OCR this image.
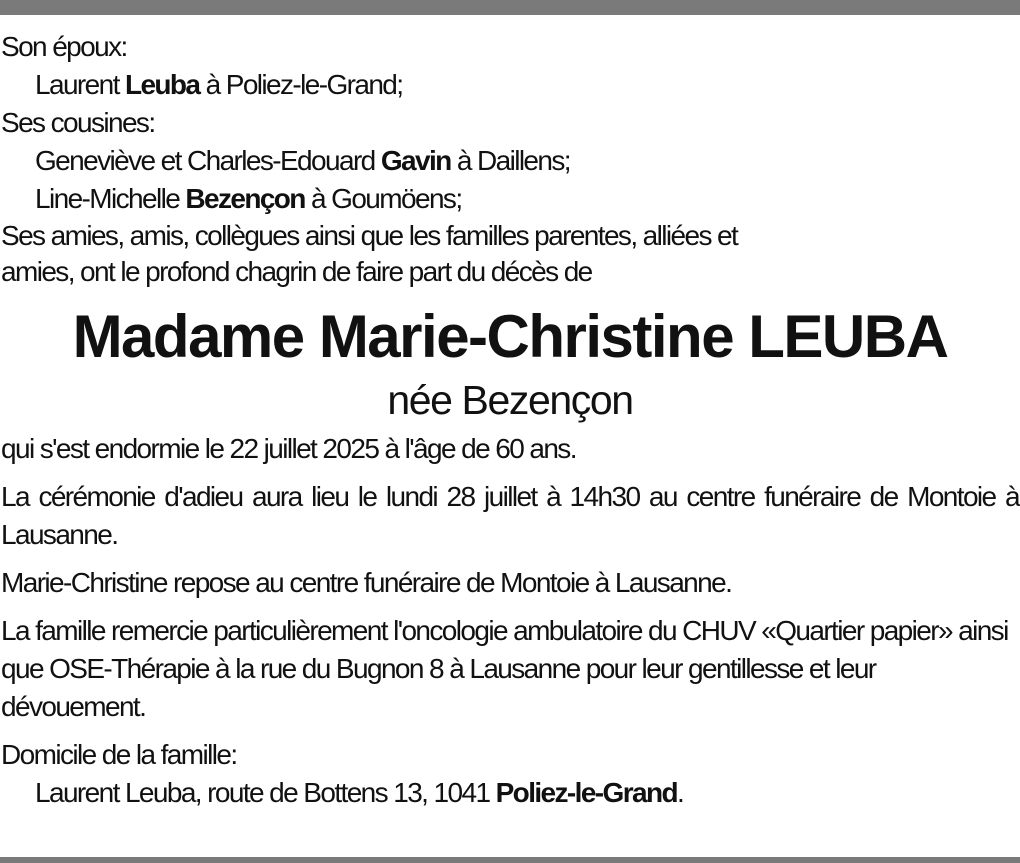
Son époux:
Laurent Leuba à Poliez-le-Grand;
Ses cousines:
Geneviève et Charles-Edouard Gavin à Daillens;
Line-Michelle Bezençon à Goumöens;
Ses amies, amis, collègues ainsi que les familles parentes, alliées et
amies, ont le profond chagrin de faire part du décès de
Madame Marie-Christine LEUBA
née Bezençon
qui s'est endormie le 22 juillet 2025 à l'âge de 60 ans.
La cérémonie d'adieu aura lieu le lundi 28 juillet à 14h30 au centre funéraire de Montoie à Lausanne.
Marie-Christine repose au centre funéraire de Montoie à Lausanne.
La famille remercie particulièrement l'oncologie ambulatoire du CHUV «Quartier papier» ainsi que OSE-Thérapie à la rue du Bugnon 8 à Lausanne pour leur gentillesse et leur dévouement.
Domicile de la famille:
Laurent Leuba, route de Bottens 13, 1041 Poliez-le-Grand.
